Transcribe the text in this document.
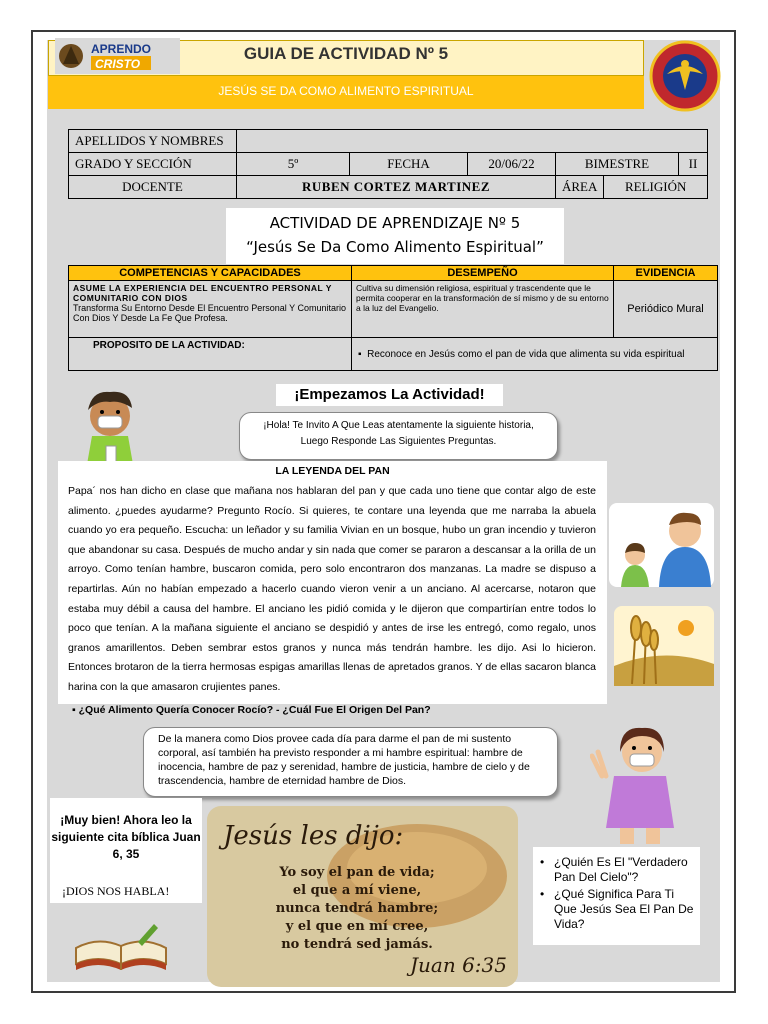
GUIA DE ACTIVIDAD Nº 5
JESÚS SE DA COMO ALIMENTO ESPIRITUAL
APRENDO
CRISTO
APELLIDOS Y NOMBRES						
GRADO Y SECCIÓN	5º	FECHA	20/06/22	BIMESTRE		II
DOCENTE	RUBEN CORTEZ MARTINEZ			ÁREA	RELIGIÓN	
ACTIVIDAD DE APRENDIZAJE Nº 5
“Jesús Se Da Como Alimento Espiritual”
COMPETENCIAS Y CAPACIDADES	DESEMPEÑO	EVIDENCIA

ASUME LA EXPERIENCIA DEL ENCUENTRO PERSONAL Y COMUNITARIO CON DIOS
Transforma Su Entorno Desde El Encuentro Personal Y Comunitario Con Dios Y Desde La Fe Que Profesa.	Cultiva su dimensión religiosa, espiritual y trascendente que le permita cooperar en la transformación de sí mismo y de su entorno a la luz del Evangelio.	Periódico Mural
PROPOSITO DE LA ACTIVIDAD:	▪  Reconoce en Jesús como el pan de vida que alimenta su vida espiritual	
¡Empezamos La Actividad!
¡Hola! Te Invito A Que Leas atentamente la siguiente historia, Luego Responde Las Siguientes Preguntas.
LA LEYENDA DEL PAN
Papa´ nos han dicho en clase que mañana nos hablaran del pan y que cada uno tiene que contar algo de este alimento. ¿puedes ayudarme? Pregunto Rocío. Si quieres, te contare una leyenda que me narraba la abuela cuando yo era pequeño. Escucha: un leñador y su familia Vivian en un bosque, hubo un gran incendio y tuvieron que abandonar su casa. Después de mucho andar y sin nada que comer se pararon a descansar a la orilla de un arroyo. Como tenían hambre, buscaron comida, pero solo encontraron dos manzanas. La madre se dispuso a repartirlas. Aún no habían empezado a hacerlo cuando vieron venir a un anciano. Al acercarse, notaron que estaba muy débil a causa del hambre. El anciano les pidió comida y le dijeron que compartirían entre todos lo poco que tenían. A la mañana siguiente el anciano se despidió y antes de irse les entregó, como regalo, unos granos amarillentos. Deben sembrar estos granos y nunca más tendrán hambre. les dijo. Asi lo hicieron. Entonces brotaron de la tierra hermosas espigas amarillas llenas de apretados granos. Y de ellas sacaron blanca harina con la que amasaron crujientes panes.
▪ ¿Qué Alimento Quería Conocer Rocío? - ¿Cuál Fue El Origen Del Pan?
De la manera como Dios provee cada día para darme el pan de mi sustento corporal, así también ha previsto responder a mi hambre espiritual: hambre de inocencia, hambre de paz y serenidad, hambre de justicia, hambre de cielo y de trascendencia, hambre de eternidad hambre de Dios.
¡Muy bien! Ahora leo la siguiente cita bíblica Juan 6, 35
¡DIOS NOS HABLA!
Jesús les dijo:
Yo soy el pan de vida;
el que a mí viene,
nunca tendrá hambre;
y el que en mí cree,
no tendrá sed jamás.
Juan 6:35
• ¿Quién Es El "Verdadero Pan Del Cielo"?
• ¿Qué Significa Para Ti Que Jesús Sea El Pan De Vida?
